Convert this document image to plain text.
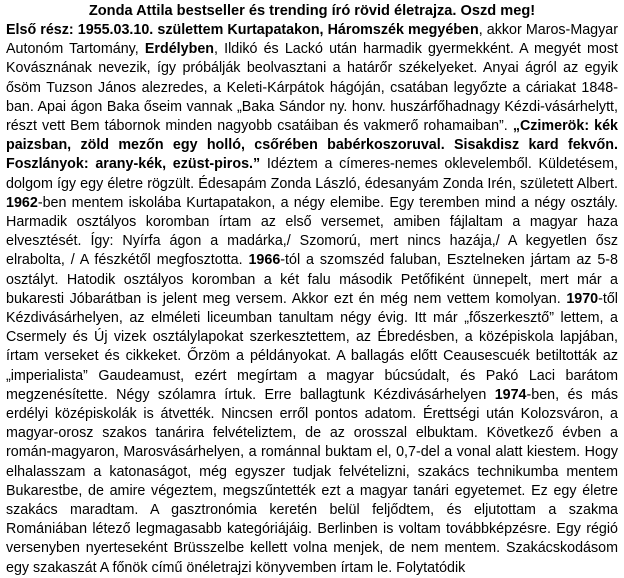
Zonda Attila bestseller és trending író rövid életrajza. Oszd meg!

Első rész: 1955.03.10. születtem Kurtapatakon, Háromszék megyében, akkor Maros-Magyar Autonóm Tartomány, Erdélyben, Ildikó és Lackó után harmadik gyermekként. A megyét most Kovásznának nevezik, így próbálják beolvasztani a határőr székelyeket. Anyai ágról az egyik ősöm Tuzson János alezredes, a Keleti-Kárpátok hágóján, csatában legyőzte a cáriakat 1848-ban. Apai ágon Baka őseim vannak „Baka Sándor ny. honv. huszárfőhadnagy Kézdi-vásárhelytt, részt vett Bem tábornok minden nagyobb csatáiban és vakmerő rohamaiban”. „Czimerök: kék paizsban, zöld mezőn egy holló, csőrében babérkoszoruval. Sisakdisz kard fekvőn. Foszlányok: arany-kék, ezüst-piros.” Idéztem a címeres-nemes oklevelemből. Küldetésem, dolgom így egy életre rögzült. Édesapám Zonda László, édesanyám Zonda Irén, született Albert. 1962-ben mentem iskolába Kurtapatakon, a négy elemibe. Egy teremben mind a négy osztály. Harmadik osztályos koromban írtam az első versemet, amiben fájlaltam a magyar haza elvesztését. Így: Nyírfa ágon a madárka,/ Szomorú, mert nincs hazája,/ A kegyetlen ősz elrabolta, / A fészkétől megfosztotta. 1966-tól a szomszéd faluban, Esztelneken jártam az 5-8 osztályt. Hatodik osztályos koromban a két falu második Petőfiként ünnepelt, mert már a bukaresti Jóbarátban is jelent meg versem. Akkor ezt én még nem vettem komolyan. 1970-től Kézdivásárhelyen, az elméleti liceumban tanultam négy évig. Itt már „főszerkesztő” lettem, a Csermely és Új vizek osztálylapokat szerkesztettem, az Ébredésben, a középiskola lapjában, írtam verseket és cikkeket. Őrzöm a példányokat. A ballagás előtt Ceausescuék betiltották az „imperialista” Gaudeamust, ezért megírtam a magyar búcsúdalt, és Pakó Laci barátom megzenésítette. Négy szólamra írtuk. Erre ballagtunk Kézdivásárhelyen 1974-ben, és más erdélyi középiskolák is átvették. Nincsen erről pontos adatom. Érettségi után Kolozsváron, a magyar-orosz szakos tanárira felvételiztem, de az orosszal elbuktam. Következő évben a román-magyaron, Marosvásárhelyen, a románnal buktam el, 0,7-del a vonal alatt kiestem. Hogy elhalasszam a katonaságot, még egyszer tudjak felvételizni, szakács technikumba mentem Bukarestbe, de amire végeztem, megszűntették ezt a magyar tanári egyetemet. Ez egy életre szakács maradtam. A gasztronómia keretén belül feljődtem, és eljutottam a szakma Romániában létező legmagasabb kategóriájáig. Berlinben is voltam továbbképzésre. Egy régió versenyben nyerteseként Brüsszelbe kellett volna menjek, de nem mentem. Szakácskodásom egy szakaszát A főnök című önéletrajzi könyvemben írtam le. Folytatódik
